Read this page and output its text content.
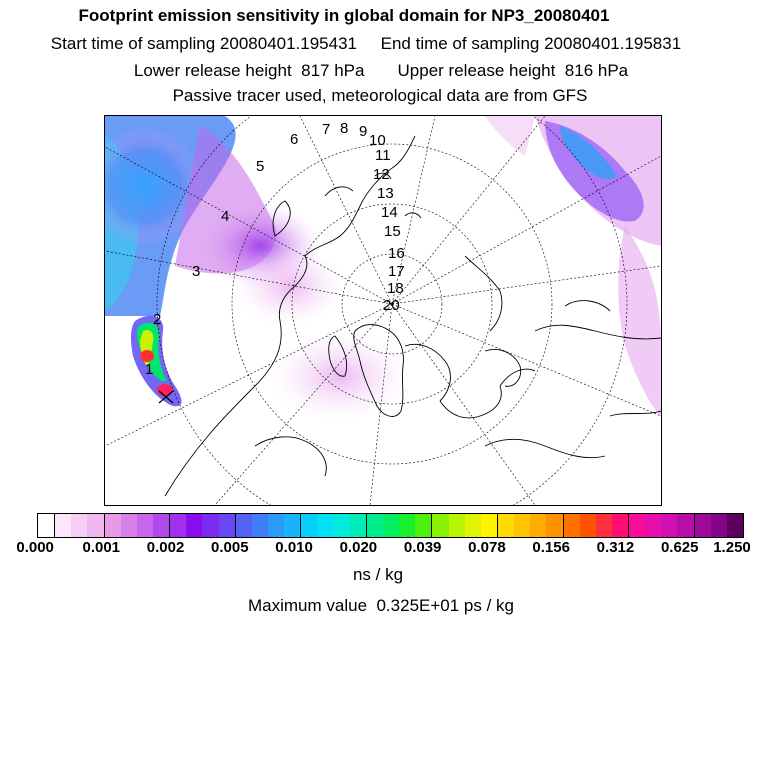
Footprint emission sensitivity in global domain for NP3_20080401
Start time of sampling 20080401.195431     End time of sampling 20080401.195831
Lower release height  817 hPa       Upper release height  816 hPa
Passive tracer used, meteorological data are from GFS
1
2
3
4
5
6
7 8 9
10
11
12
13
14
15
16
17
18
20
0.000 0.001 0.002 0.005 0.010 0.020 0.039 0.078 0.156 0.312 0.625 1.250
ns / kg
Maximum value  0.325E+01 ps / kg
